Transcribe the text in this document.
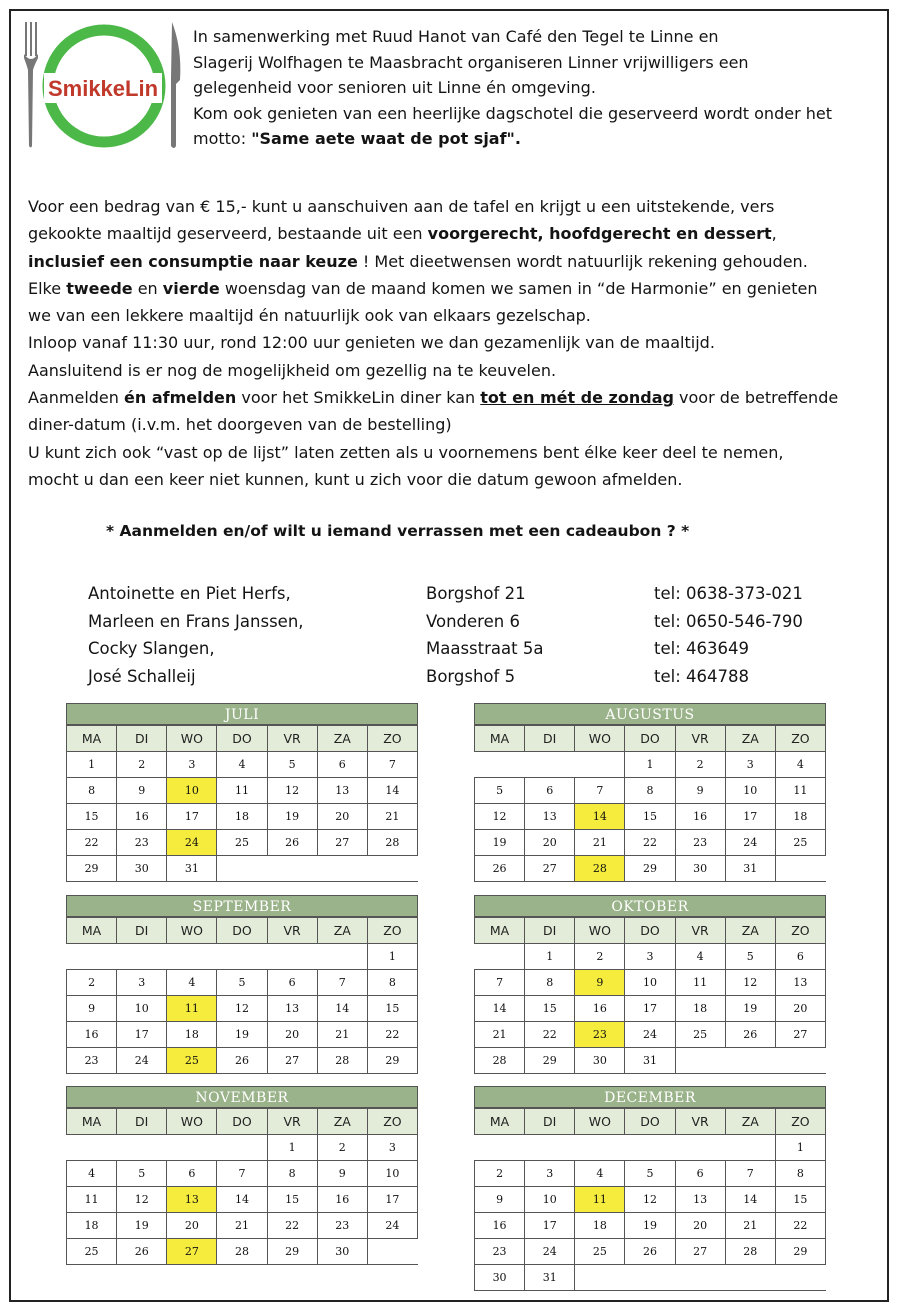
SmikkeLin
In samenwerking met Ruud Hanot van Café den Tegel te Linne en
Slagerij Wolfhagen te Maasbracht organiseren Linner vrijwilligers een
gelegenheid voor senioren uit Linne én omgeving.
Kom ook genieten van een heerlijke dagschotel die geserveerd wordt onder het
motto: "Same aete waat de pot sjaf".
Voor een bedrag van € 15,- kunt u aanschuiven aan de tafel en krijgt u een uitstekende, vers
gekookte maaltijd geserveerd, bestaande uit een voorgerecht, hoofdgerecht en dessert,
inclusief een consumptie naar keuze ! Met dieetwensen wordt natuurlijk rekening gehouden.
Elke tweede en vierde woensdag van de maand komen we samen in “de Harmonie” en genieten
we van een lekkere maaltijd én natuurlijk ook van elkaars gezelschap.
Inloop vanaf 11:30 uur, rond 12:00 uur genieten we dan gezamenlijk van de maaltijd.
Aansluitend is er nog de mogelijkheid om gezellig na te keuvelen.
Aanmelden én afmelden voor het SmikkeLin diner kan tot en mét de zondag voor de betreffende
diner-datum (i.v.m. het doorgeven van de bestelling)
U kunt zich ook “vast op de lijst” laten zetten als u voornemens bent élke keer deel te nemen,
mocht u dan een keer niet kunnen, kunt u zich voor die datum gewoon afmelden.
* Aanmelden en/of wilt u iemand verrassen met een cadeaubon ? *
Antoinette en Piet Herfs,	Borgshof 21	tel: 0638-373-021
Marleen en Frans Janssen,	Vonderen 6	tel: 0650-546-790
Cocky Slangen,	Maasstraat 5a	tel: 463649
José Schalleij	Borgshof 5	tel: 464788
JULI
MA	DI	WO	DO	VR	ZA	ZO
1	2	3	4	5	6	7
8	9	10	11	12	13	14
15	16	17	18	19	20	21
22	23	24	25	26	27	28
29	30	31				
AUGUSTUS
MA	DI	WO	DO	VR	ZA	ZO
			1	2	3	4
5	6	7	8	9	10	11
12	13	14	15	16	17	18
19	20	21	22	23	24	25
26	27	28	29	30	31	
SEPTEMBER
MA	DI	WO	DO	VR	ZA	ZO
						1
2	3	4	5	6	7	8
9	10	11	12	13	14	15
16	17	18	19	20	21	22
23	24	25	26	27	28	29
OKTOBER
MA	DI	WO	DO	VR	ZA	ZO
	1	2	3	4	5	6
7	8	9	10	11	12	13
14	15	16	17	18	19	20
21	22	23	24	25	26	27
28	29	30	31			
NOVEMBER
MA	DI	WO	DO	VR	ZA	ZO
				1	2	3
4	5	6	7	8	9	10
11	12	13	14	15	16	17
18	19	20	21	22	23	24
25	26	27	28	29	30	
DECEMBER
MA	DI	WO	DO	VR	ZA	ZO
						1
2	3	4	5	6	7	8
9	10	11	12	13	14	15
16	17	18	19	20	21	22
23	24	25	26	27	28	29
30	31					
